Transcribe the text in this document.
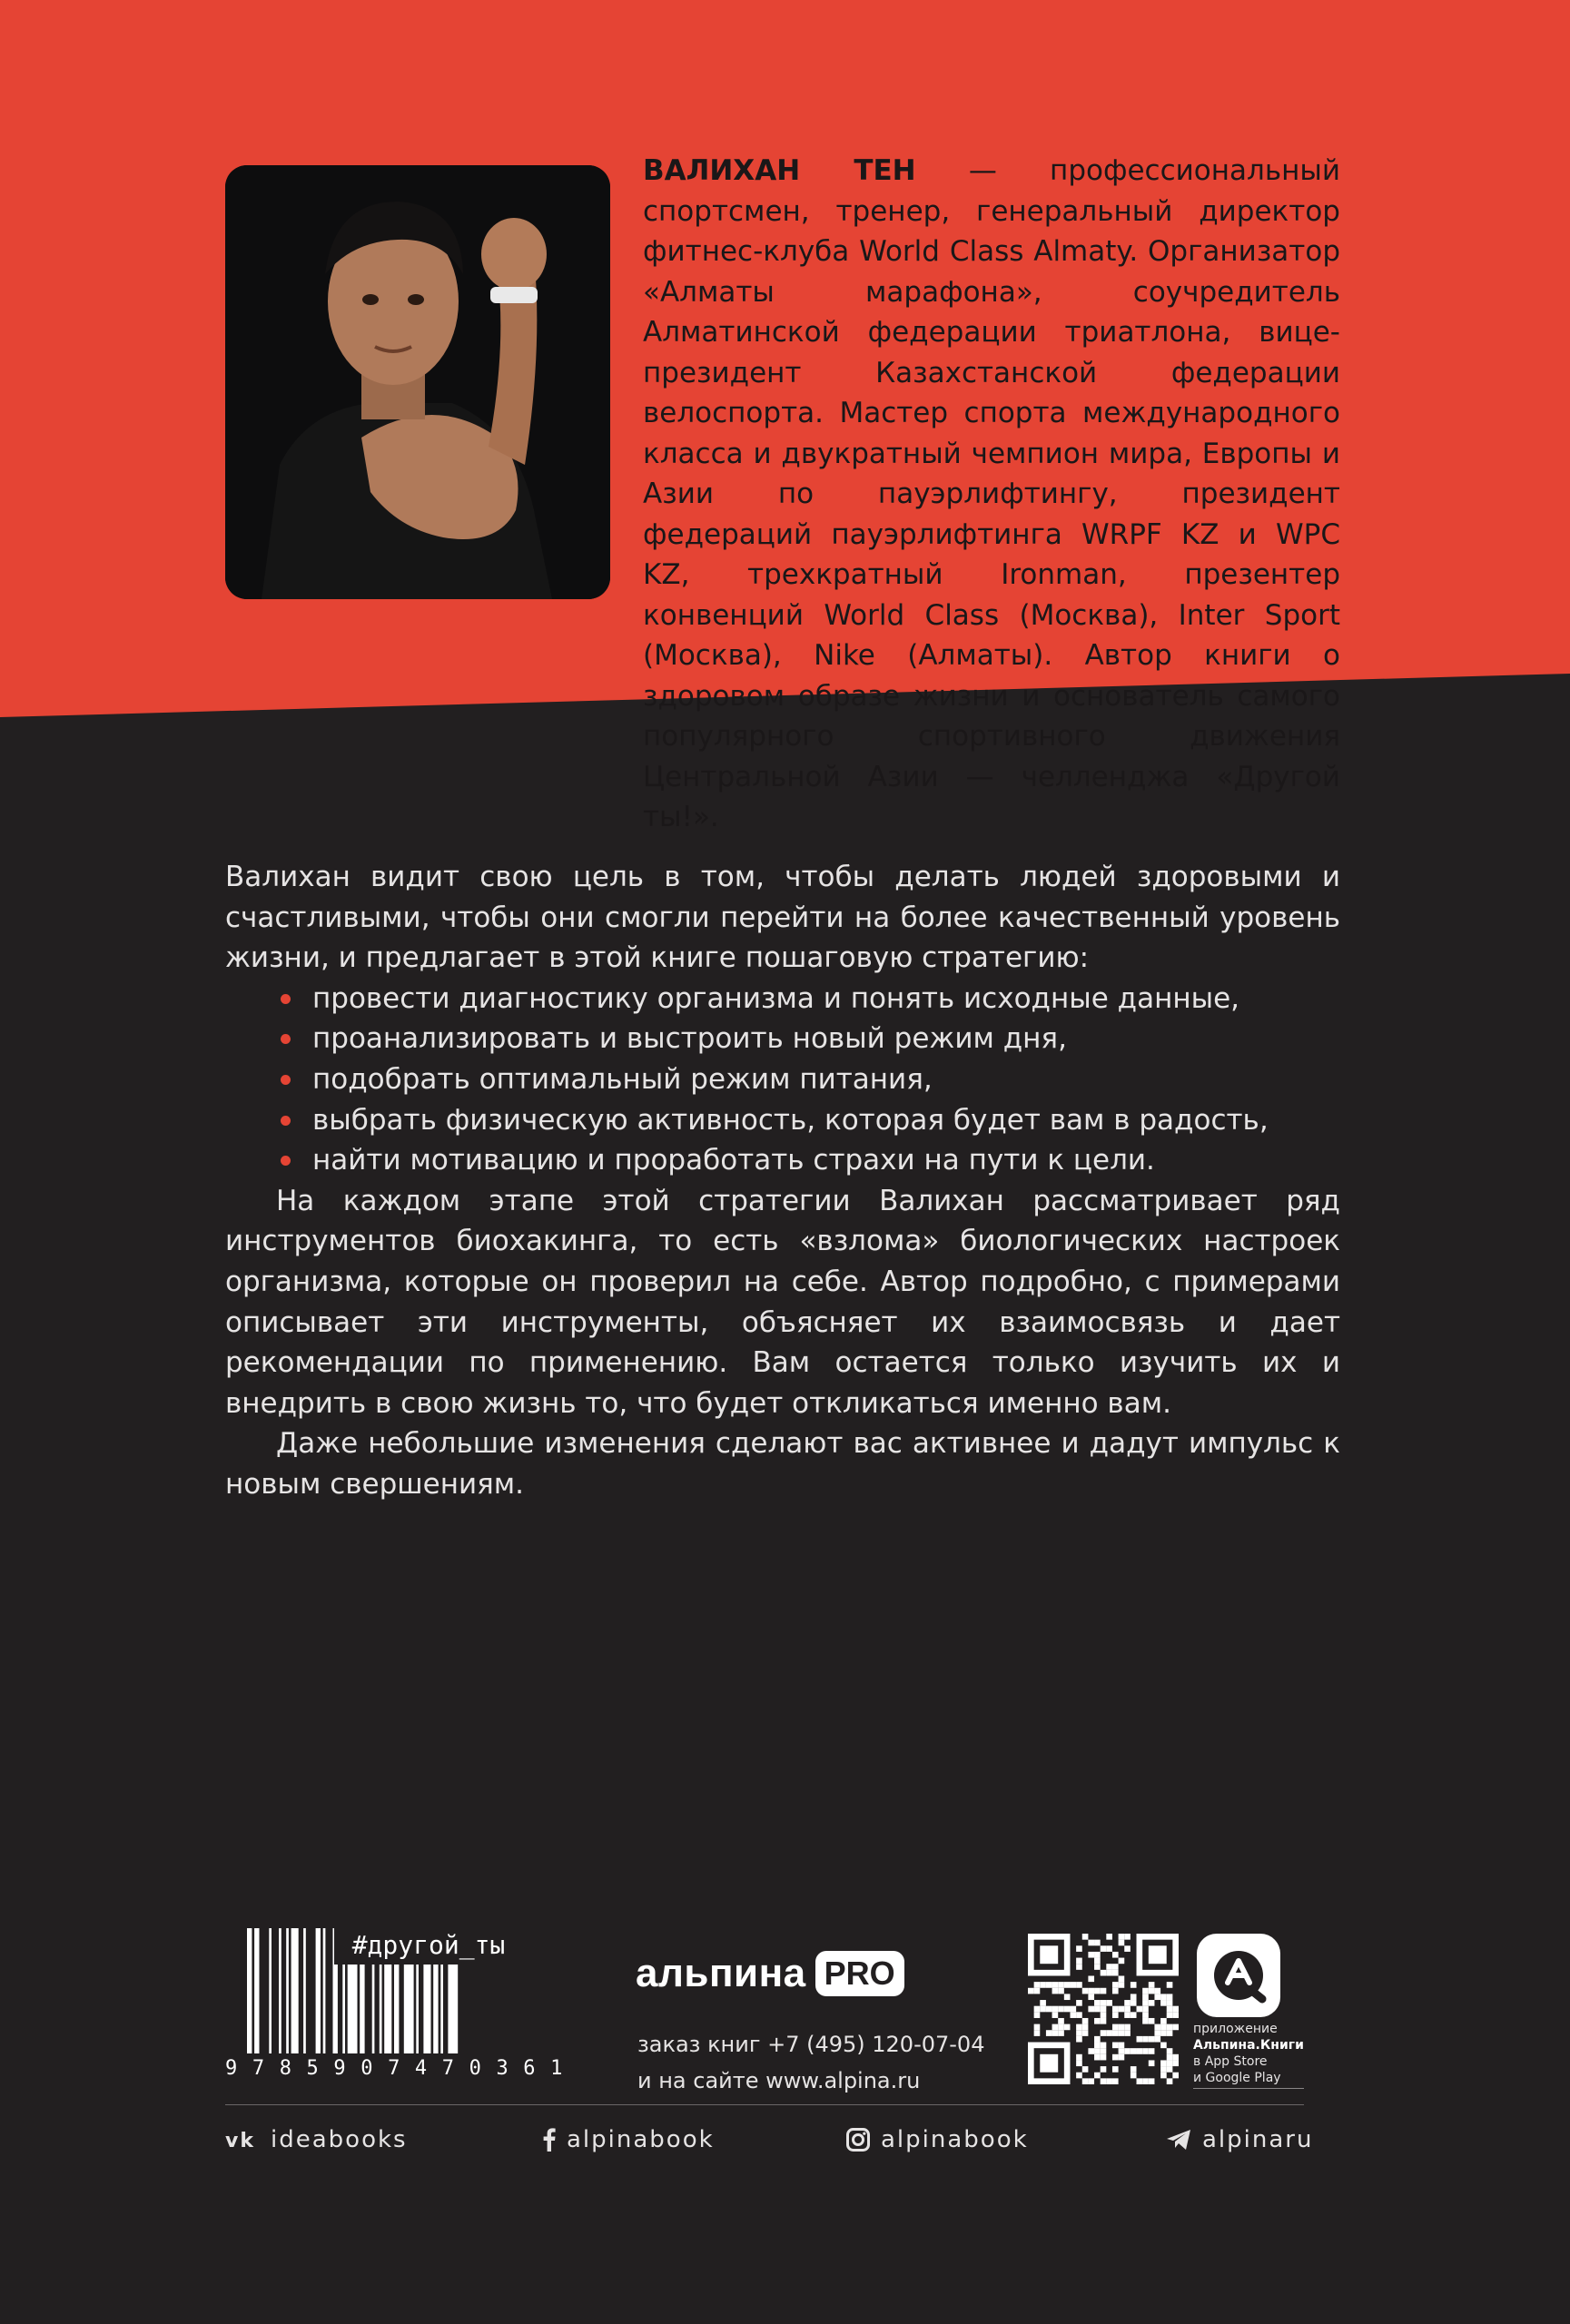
ВАЛИХАН ТЕН — профессиональный спортсмен, тренер, генеральный директор фитнес-клуба World Class Almaty. Организатор «Алматы марафона», соучредитель Алматинской федерации триатлона, вице-президент Казахстанской федерации велоспорта. Мастер спорта международного класса и двукратный чемпион мира, Европы и Азии по пауэрлифтингу, президент федераций пауэрлифтинга WRPF KZ и WPC KZ, трехкратный Ironman, презентер конвенций World Class (Москва), Inter Sport (Москва), Nike (Алматы). Автор книги о здоровом образе жизни и основатель самого популярного спортивного движения Центральной Азии — челленджа «Другой ты!».

Валихан видит свою цель в том, чтобы делать людей здоровыми и счастливыми, чтобы они смогли перейти на более качественный уровень жизни, и предлагает в этой книге пошаговую стратегию:

провести диагностику организма и понять исходные данные,
проанализировать и выстроить новый режим дня,
подобрать оптимальный режим питания,
выбрать физическую активность, которая будет вам в радость,
найти мотивацию и проработать страхи на пути к цели.

На каждом этапе этой стратегии Валихан рассматривает ряд инструментов биохакинга, то есть «взлома» биологических настроек организма, которые он проверил на себе. Автор подробно, с примерами описывает эти инструменты, объясняет их взаимосвязь и дает рекомендации по применению. Вам остается только изучить их и внедрить в свою жизнь то, что будет откликаться именно вам.

Даже небольшие изменения сделают вас активнее и дадут импульс к новым свершениям.

#другой_ты
9785907470361
альпина PRO
заказ книг +7 (495) 120-07-04
и на сайте www.alpina.ru
приложение
Альпина.Книги
в App Store
и Google Play
vk ideabooks	alpinabook	alpinabook	alpinaru
